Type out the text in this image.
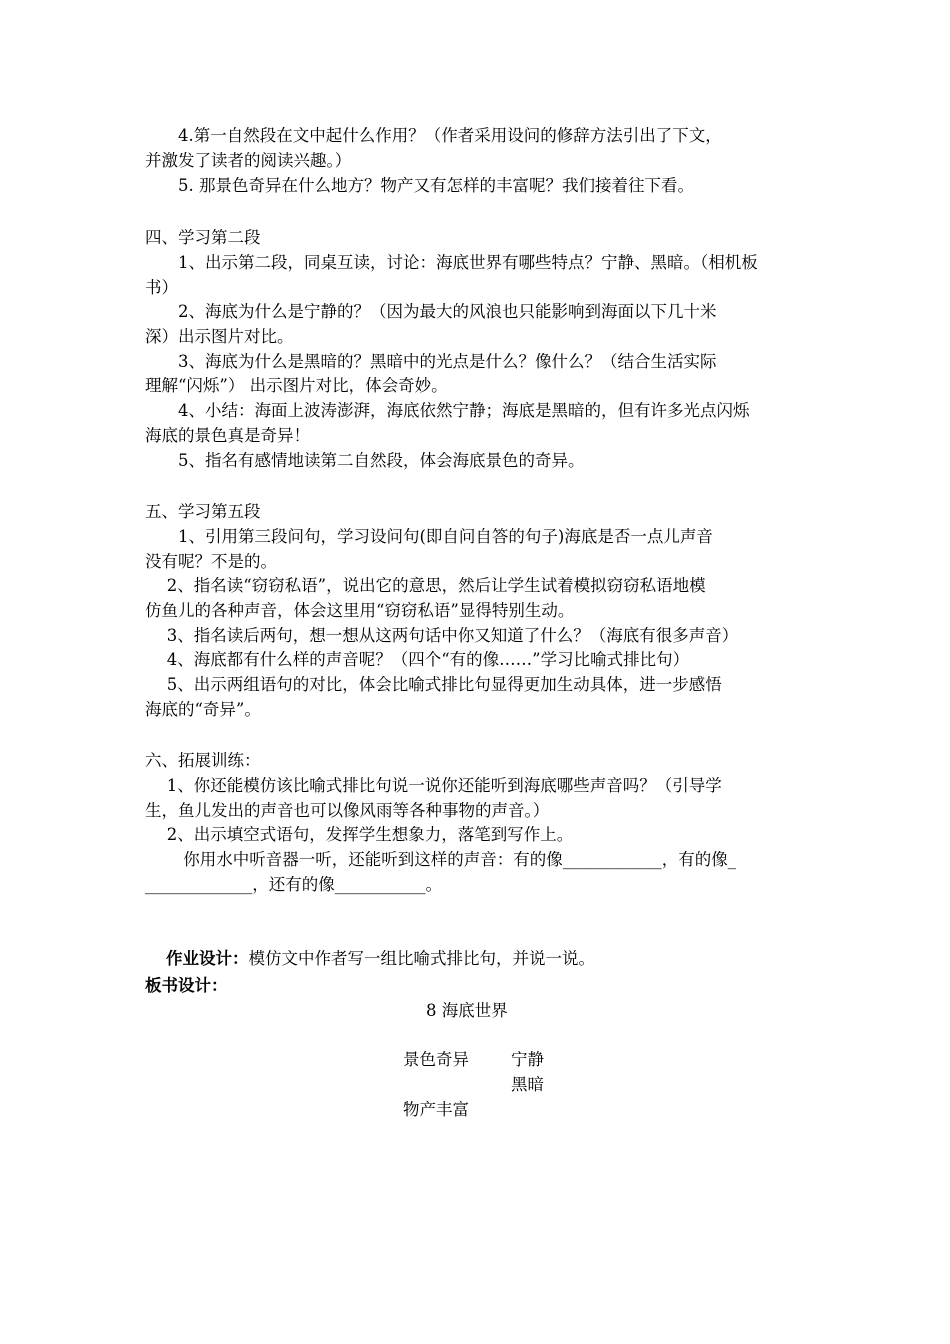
　　4.第一自然段在文中起什么作用？（作者采用设问的修辞方法引出了下文，
并激发了读者的阅读兴趣。）
　　5. 那景色奇异在什么地方？物产又有怎样的丰富呢？我们接着往下看。
四、学习第二段
　　1、出示第二段，同桌互读，讨论：海底世界有哪些特点？宁静、黑暗。（相机板
书）
　　2、海底为什么是宁静的？（因为最大的风浪也只能影响到海面以下几十米
深）出示图片对比。
　　3、海底为什么是黑暗的？黑暗中的光点是什么？像什么？（结合生活实际
理解“闪烁”） 出示图片对比，体会奇妙。
　　4、小结：海面上波涛澎湃，海底依然宁静；海底是黑暗的，但有许多光点闪烁
海底的景色真是奇异！
　　5、指名有感情地读第二自然段，体会海底景色的奇异。
五、学习第五段
　　1、引用第三段问句，学习设问句(即自问自答的句子)海底是否一点儿声音
没有呢？不是的。
　 2、指名读“窃窃私语”，说出它的意思，然后让学生试着模拟窃窃私语地模
仿鱼儿的各种声音，体会这里用“窃窃私语”显得特别生动。
　 3、指名读后两句，想一想从这两句话中你又知道了什么？（海底有很多声音）
　 4、海底都有什么样的声音呢？（四个“有的像……”学习比喻式排比句）
　 5、出示两组语句的对比，体会比喻式排比句显得更加生动具体，进一步感悟
海底的“奇异”。
六、拓展训练：
　 1、你还能模仿该比喻式排比句说一说你还能听到海底哪些声音吗？（引导学
生，鱼儿发出的声音也可以像风雨等各种事物的声音。）
　 2、出示填空式语句，发挥学生想象力，落笔到写作上。
　　 你用水中听音器一听，还能听到这样的声音：有的像____________，有的像_
_____________，还有的像___________。

作业设计：模仿文中作者写一组比喻式排比句，并说一说。

板书设计：
8 海底世界
景色奇异	宁静
黑暗
物产丰富
